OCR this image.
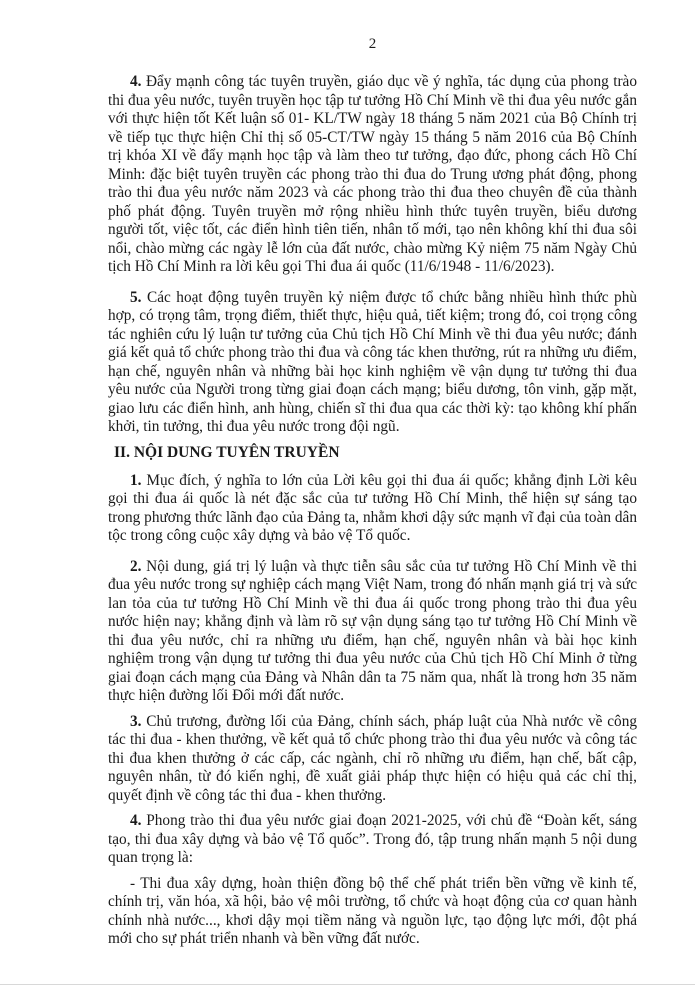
2

4. Đẩy mạnh công tác tuyên truyền, giáo dục về ý nghĩa, tác dụng của phong trào thi đua yêu nước, tuyên truyền học tập tư tưởng Hồ Chí Minh về thi đua yêu nước gắn với thực hiện tốt Kết luận số 01- KL/TW ngày 18 tháng 5 năm 2021 của Bộ Chính trị về tiếp tục thực hiện Chỉ thị số 05-CT/TW ngày 15 tháng 5 năm 2016 của Bộ Chính trị khóa XI về đẩy mạnh học tập và làm theo tư tưởng, đạo đức, phong cách Hồ Chí Minh: đặc biệt tuyên truyền các phong trào thi đua do Trung ương phát động, phong trào thi đua yêu nước năm 2023 và các phong trào thi đua theo chuyên đề của thành phố phát động. Tuyên truyền mở rộng nhiều hình thức tuyên truyền, biểu dương người tốt, việc tốt, các điển hình tiên tiến, nhân tố mới, tạo nên không khí thi đua sôi nổi, chào mừng các ngày lễ lớn của đất nước, chào mừng Kỷ niệm 75 năm Ngày Chủ tịch Hồ Chí Minh ra lời kêu gọi Thi đua ái quốc (11/6/1948 - 11/6/2023).

5. Các hoạt động tuyên truyền kỷ niệm được tổ chức bằng nhiều hình thức phù hợp, có trọng tâm, trọng điểm, thiết thực, hiệu quả, tiết kiệm; trong đó, coi trọng công tác nghiên cứu lý luận tư tưởng của Chủ tịch Hồ Chí Minh về thi đua yêu nước; đánh giá kết quả tổ chức phong trào thi đua và công tác khen thưởng, rút ra những ưu điểm, hạn chế, nguyên nhân và những bài học kinh nghiệm về vận dụng tư tưởng thi đua yêu nước của Người trong từng giai đoạn cách mạng; biểu dương, tôn vinh, gặp mặt, giao lưu các điển hình, anh hùng, chiến sĩ thi đua qua các thời kỳ: tạo không khí phấn khởi, tin tưởng, thi đua yêu nước trong đội ngũ.

II. NỘI DUNG TUYÊN TRUYỀN

1. Mục đích, ý nghĩa to lớn của Lời kêu gọi thi đua ái quốc; khẳng định Lời kêu gọi thi đua ái quốc là nét đặc sắc của tư tưởng Hồ Chí Minh, thể hiện sự sáng tạo trong phương thức lãnh đạo của Đảng ta, nhằm khơi dậy sức mạnh vĩ đại của toàn dân tộc trong công cuộc xây dựng và bảo vệ Tổ quốc.

2. Nội dung, giá trị lý luận và thực tiễn sâu sắc của tư tưởng Hồ Chí Minh về thi đua yêu nước trong sự nghiệp cách mạng Việt Nam, trong đó nhấn mạnh giá trị và sức lan tỏa của tư tưởng Hồ Chí Minh về thi đua ái quốc trong phong trào thi đua yêu nước hiện nay; khẳng định và làm rõ sự vận dụng sáng tạo tư tưởng Hồ Chí Minh về thi đua yêu nước, chỉ ra những ưu điểm, hạn chế, nguyên nhân và bài học kinh nghiệm trong vận dụng tư tưởng thi đua yêu nước của Chủ tịch Hồ Chí Minh ở từng giai đoạn cách mạng của Đảng và Nhân dân ta 75 năm qua, nhất là trong hơn 35 năm thực hiện đường lối Đổi mới đất nước.

3. Chủ trương, đường lối của Đảng, chính sách, pháp luật của Nhà nước về công tác thi đua - khen thưởng, về kết quả tổ chức phong trào thi đua yêu nước và công tác thi đua khen thưởng ở các cấp, các ngành, chỉ rõ những ưu điểm, hạn chế, bất cập, nguyên nhân, từ đó kiến nghị, đề xuất giải pháp thực hiện có hiệu quả các chỉ thị, quyết định về công tác thi đua - khen thưởng.

4. Phong trào thi đua yêu nước giai đoạn 2021-2025, với chủ đề “Đoàn kết, sáng tạo, thi đua xây dựng và bảo vệ Tổ quốc”. Trong đó, tập trung nhấn mạnh 5 nội dung quan trọng là:

- Thi đua xây dựng, hoàn thiện đồng bộ thể chế phát triển bền vững về kinh tế, chính trị, văn hóa, xã hội, bảo vệ môi trường, tổ chức và hoạt động của cơ quan hành chính nhà nước..., khơi dậy mọi tiềm năng và nguồn lực, tạo động lực mới, đột phá mới cho sự phát triển nhanh và bền vững đất nước.
